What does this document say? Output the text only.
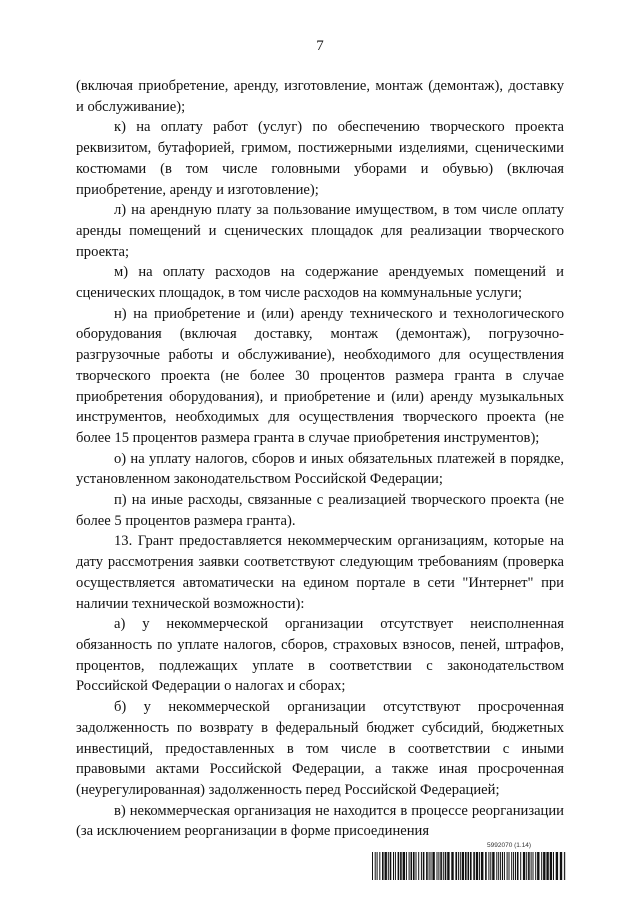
7

(включая приобретение, аренду, изготовление, монтаж (демонтаж), доставку и обслуживание);

к) на оплату работ (услуг) по обеспечению творческого проекта реквизитом, бутафорией, гримом, постижерными изделиями, сценическими костюмами (в том числе головными уборами и обувью) (включая приобретение, аренду и изготовление);

л) на арендную плату за пользование имуществом, в том числе оплату аренды помещений и сценических площадок для реализации творческого проекта;

м) на оплату расходов на содержание арендуемых помещений и сценических площадок, в том числе расходов на коммунальные услуги;

н) на приобретение и (или) аренду технического и технологического оборудования (включая доставку, монтаж (демонтаж), погрузочно-разгрузочные работы и обслуживание), необходимого для осуществления творческого проекта (не более 30 процентов размера гранта в случае приобретения оборудования), и приобретение и (или) аренду музыкальных инструментов, необходимых для осуществления творческого проекта (не более 15 процентов размера гранта в случае приобретения инструментов);

о) на уплату налогов, сборов и иных обязательных платежей в порядке, установленном законодательством Российской Федерации;

п) на иные расходы, связанные с реализацией творческого проекта (не более 5 процентов размера гранта).

13. Грант предоставляется некоммерческим организациям, которые на дату рассмотрения заявки соответствуют следующим требованиям (проверка осуществляется автоматически на едином портале в сети "Интернет" при наличии технической возможности):

а) у некоммерческой организации отсутствует неисполненная обязанность по уплате налогов, сборов, страховых взносов, пеней, штрафов, процентов, подлежащих уплате в соответствии с законодательством Российской Федерации о налогах и сборах;

б) у некоммерческой организации отсутствуют просроченная задолженность по возврату в федеральный бюджет субсидий, бюджетных инвестиций, предоставленных в том числе в соответствии с иными правовыми актами Российской Федерации, а также иная просроченная (неурегулированная) задолженность перед Российской Федерацией;

в) некоммерческая организация не находится в процессе реорганизации (за исключением реорганизации в форме присоединения

5992070 (1.14)
